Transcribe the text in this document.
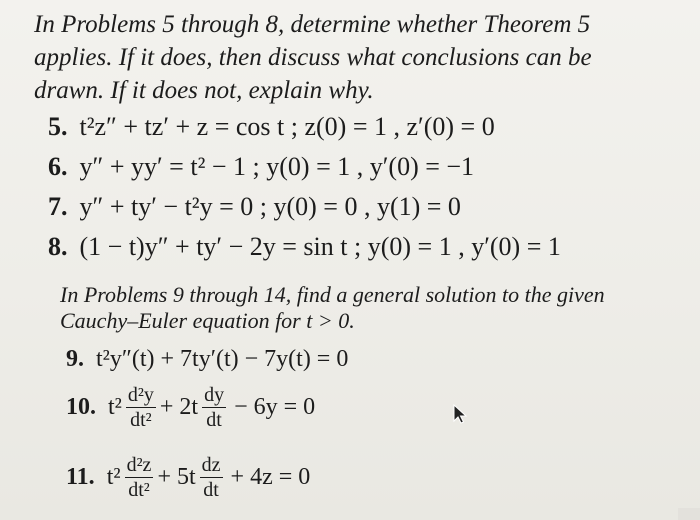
In Problems 5 through 8, determine whether Theorem 5
applies. If it does, then discuss what conclusions can be
drawn. If it does not, explain why.
5. t²z″ + tz′ + z = cos t ; z(0) = 1 , z′(0) = 0
6. y″ + yy′ = t² − 1 ; y(0) = 1 , y′(0) = −1
7. y″ + ty′ − t²y = 0 ; y(0) = 0 , y(1) = 0
8. (1 − t)y″ + ty′ − 2y = sin t ; y(0) = 1 , y′(0) = 1
In Problems 9 through 14, find a general solution to the given
Cauchy–Euler equation for t > 0.
9. t²y″(t) + 7ty′(t) − 7y(t) = 0
10. $t^2 \frac{\text{d²y}}{\text{dt²}} + 2t \frac{dy}{dt} - 6y = 0$
11. $t^2 \frac{\text{d²z}}{\text{dt²}} + 5t \frac{dz}{dt} + 4z = 0$
